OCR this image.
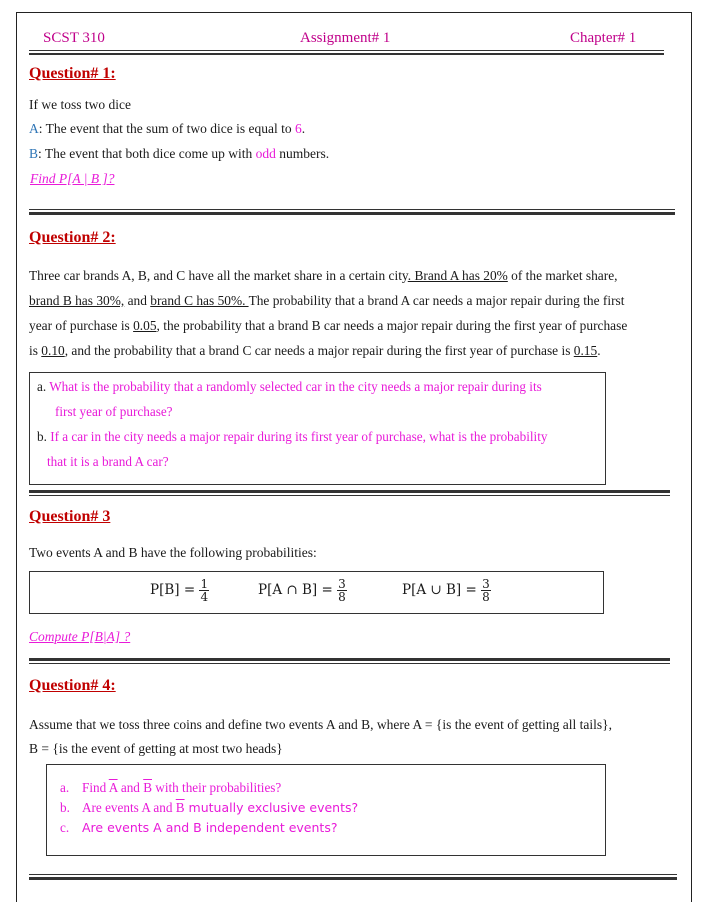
SCST 310	Assignment# 1	Chapter# 1
Question# 1:
If we toss two dice
A: The event that the sum of two dice is equal to 6.
B: The event that both dice come up with odd numbers.
Find P[A | B ]?
Question# 2:
Three car brands A, B, and C have all the market share in a certain city. Brand A has 20% of the market share,
brand B has 30%, and brand C has 50%. The probability that a brand A car needs a major repair during the first
year of purchase is 0.05, the probability that a brand B car needs a major repair during the first year of purchase
is 0.10, and the probability that a brand C car needs a major repair during the first year of purchase is 0.15.
a. What is the probability that a randomly selected car in the city needs a major repair during its
first year of purchase?
b. If a car in the city needs a major repair during its first year of purchase, what is the probability
that it is a brand A car?
Question# 3
Two events A and B have the following probabilities:
$P[B] = \frac{1}{4}$	P[A ∩ $B] = \frac{3}{8}$	P[A ∪ $B] = \frac{3}{8}$
Compute P[B|A] ?
Question# 4:
Assume that we toss three coins and define two events A and B, where A = {is the event of getting all tails},
B = {is the event of getting at most two heads}
a. Find $\overline{A}$ and $\overline{B}$ with their probabilities?
b. Are events A and $\overline{B}$ mutually exclusive events?
c. Are events A and B independent events?
